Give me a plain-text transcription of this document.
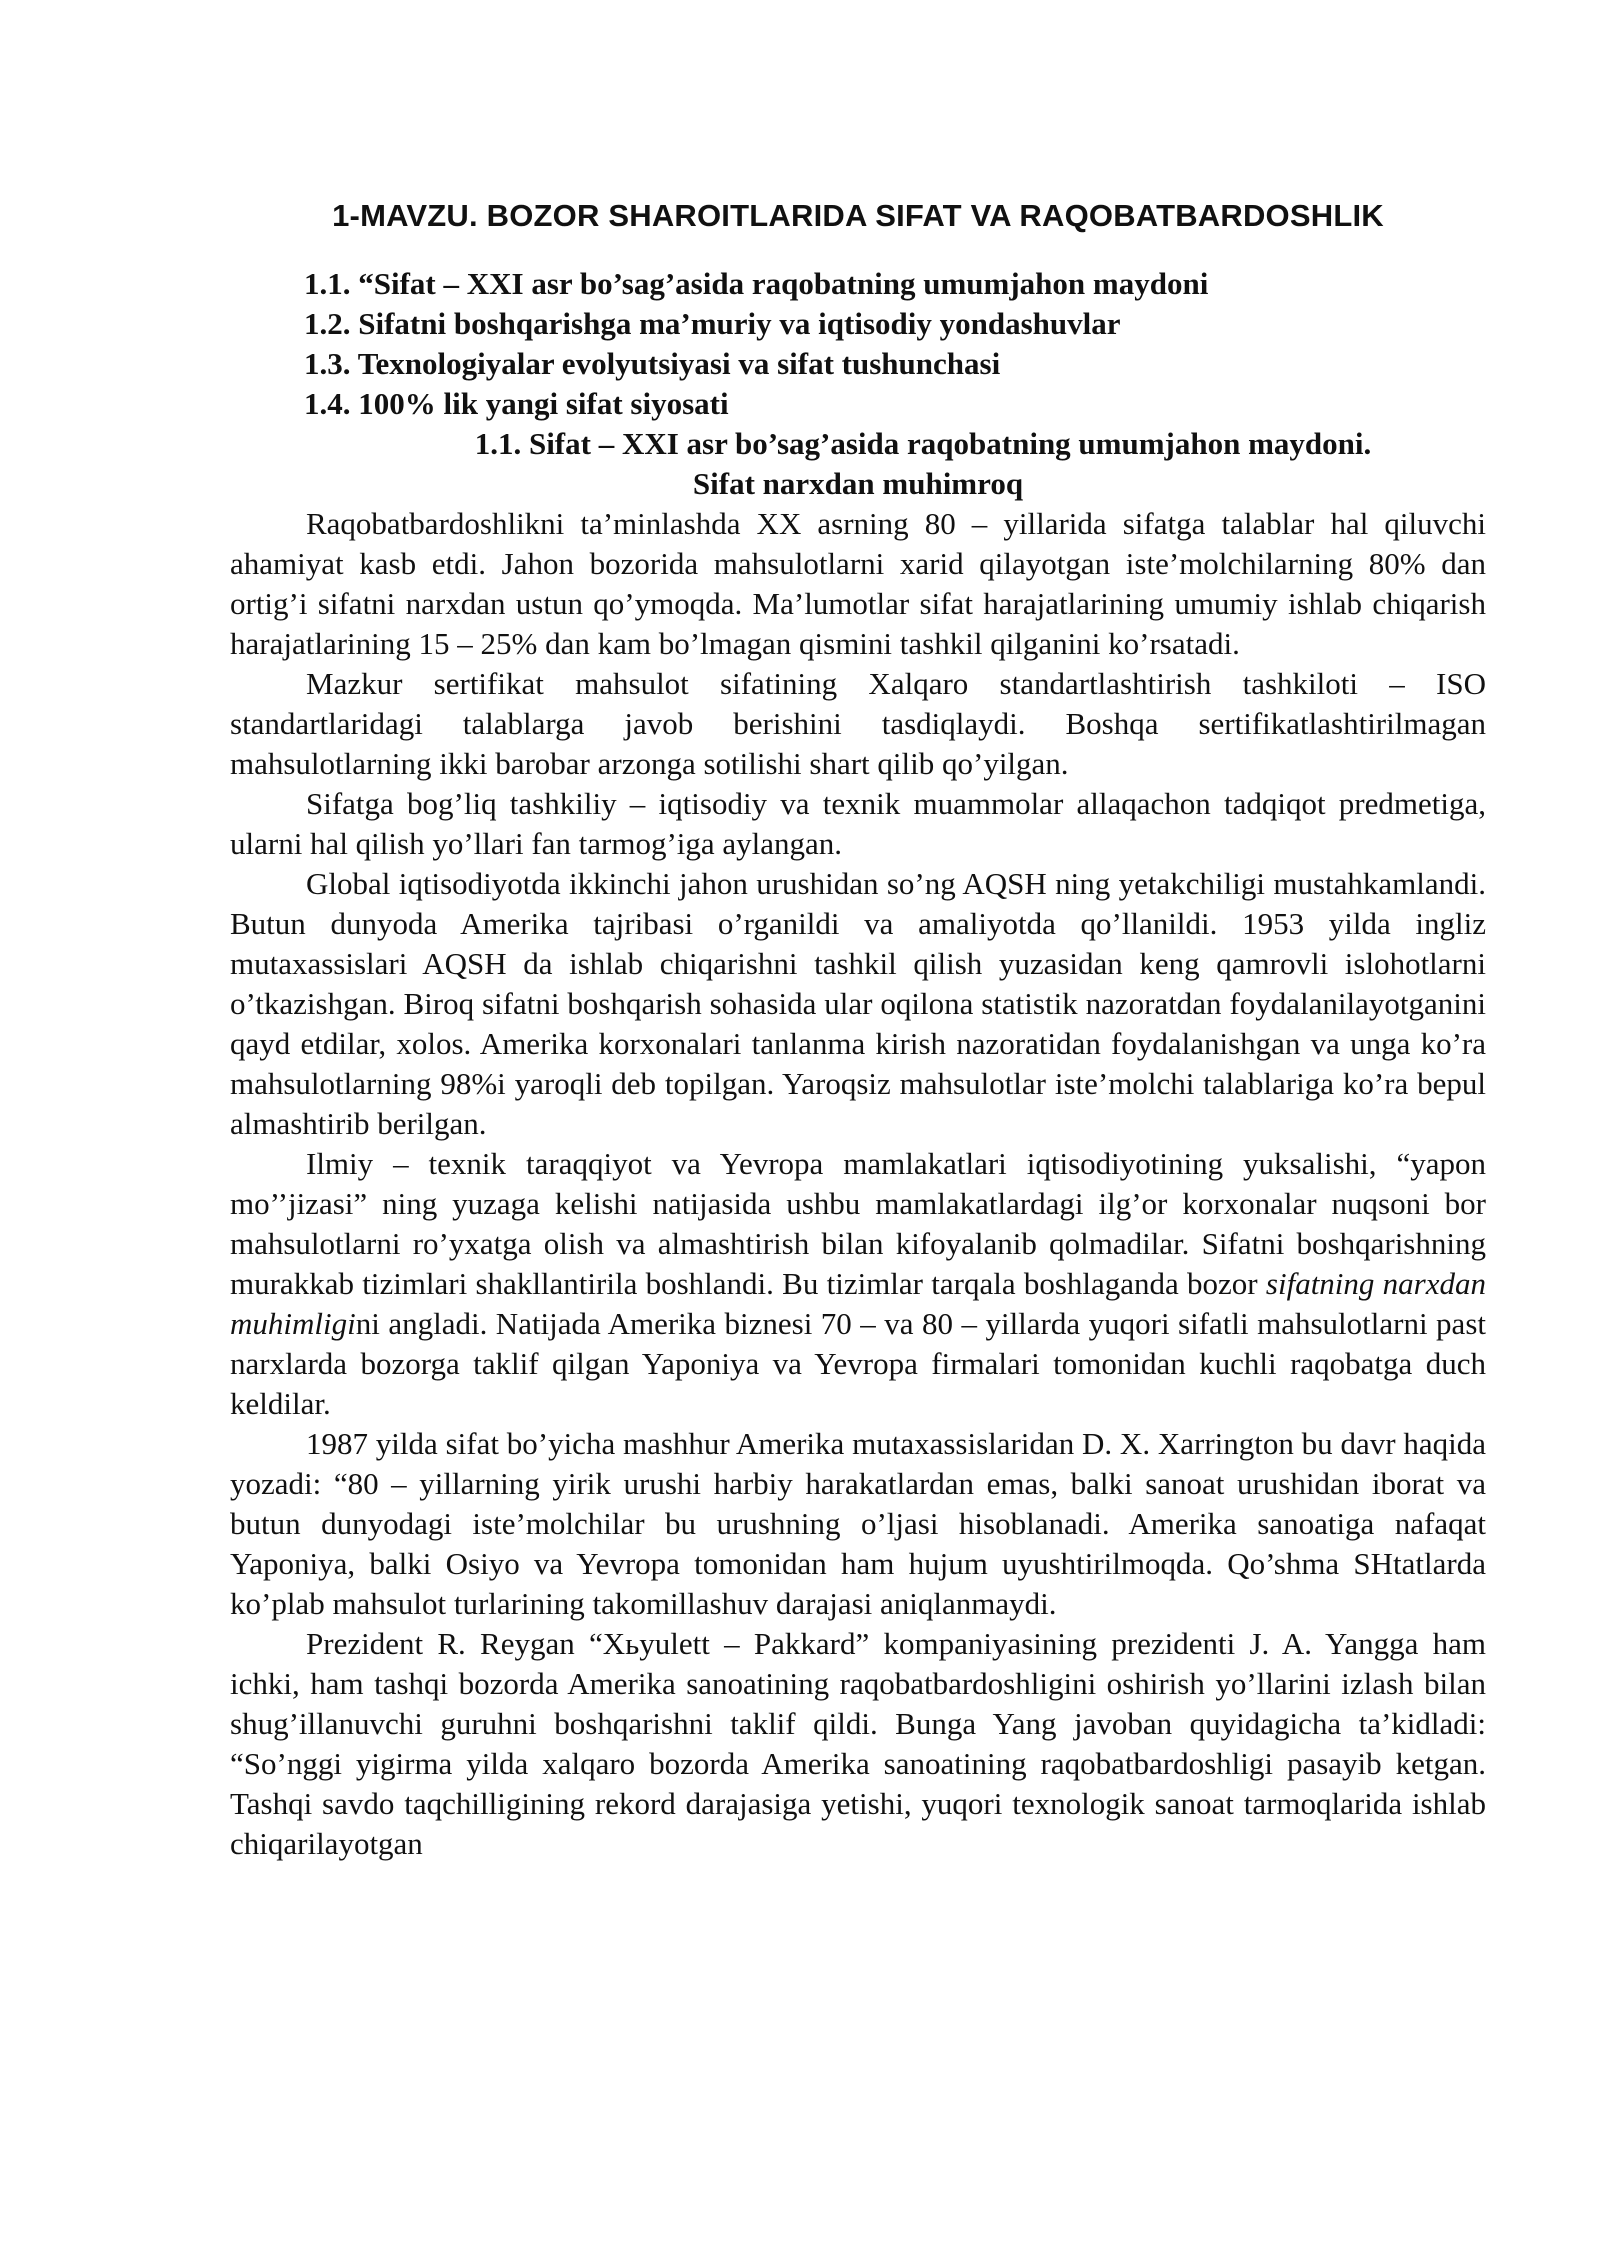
1-MAVZU. BOZOR SHAROITLARIDA SIFAT VA RAQOBATBARDOSHLIK
1.1. “Sifat – XXI asr bo’sag’asida raqobatning umumjahon maydoni
1.2. Sifatni boshqarishga ma’muriy va iqtisodiy yondashuvlar
1.3. Texnologiyalar evolyutsiyasi va sifat tushunchasi
1.4. 100% lik yangi sifat siyosati
1.1. Sifat – XXI asr bo’sag’asida raqobatning umumjahon maydoni.
Sifat narxdan muhimroq

Raqobatbardoshlikni ta’minlashda XX asrning 80 – yillarida sifatga talablar hal qiluvchi ahamiyat kasb etdi. Jahon bozorida mahsulotlarni xarid qilayotgan iste’molchilarning 80% dan ortig’i sifatni narxdan ustun qo’ymoqda. Ma’lumotlar sifat harajatlarining umumiy ishlab chiqarish harajatlarining 15 – 25% dan kam bo’lmagan qismini tashkil qilganini ko’rsatadi.

Mazkur sertifikat mahsulot sifatining Xalqaro standartlashtirish tashkiloti – ISO standartlaridagi talablarga javob berishini tasdiqlaydi. Boshqa sertifikatlashtirilmagan mahsulotlarning ikki barobar arzonga sotilishi shart qilib qo’yilgan.

Sifatga bog’liq tashkiliy – iqtisodiy va texnik muammolar allaqachon tadqiqot predmetiga, ularni hal qilish yo’llari fan tarmog’iga aylangan.

Global iqtisodiyotda ikkinchi jahon urushidan so’ng AQSH ning yetakchiligi mustahkamlandi. Butun dunyoda Amerika tajribasi o’rganildi va amaliyotda qo’llanildi. 1953 yilda ingliz mutaxassislari AQSH da ishlab chiqarishni tashkil qilish yuzasidan keng qamrovli islohotlarni o’tkazishgan. Biroq sifatni boshqarish sohasida ular oqilona statistik nazoratdan foydalanilayotganini qayd etdilar, xolos. Amerika korxonalari tanlanma kirish nazoratidan foydalanishgan va unga ko’ra mahsulotlarning 98%i yaroqli deb topilgan. Yaroqsiz mahsulotlar iste’molchi talablariga ko’ra bepul almashtirib berilgan.

Ilmiy – texnik taraqqiyot va Yevropa mamlakatlari iqtisodiyotining yuksalishi, “yapon mo’’jizasi” ning yuzaga kelishi natijasida ushbu mamlakatlardagi ilg’or korxonalar nuqsoni bor mahsulotlarni ro’yxatga olish va almashtirish bilan kifoyalanib qolmadilar. Sifatni boshqarishning murakkab tizimlari shakllantirila boshlandi. Bu tizimlar tarqala boshlaganda bozor sifatning narxdan muhimligini angladi. Natijada Amerika biznesi 70 – va 80 – yillarda yuqori sifatli mahsulotlarni past narxlarda bozorga taklif qilgan Yaponiya va Yevropa firmalari tomonidan kuchli raqobatga duch keldilar.

1987 yilda sifat bo’yicha mashhur Amerika mutaxassislaridan D. X. Xarrington bu davr haqida yozadi: “80 – yillarning yirik urushi harbiy harakatlardan emas, balki sanoat urushidan iborat va butun dunyodagi iste’molchilar bu urushning o’ljasi hisoblanadi. Amerika sanoatiga nafaqat Yaponiya, balki Osiyo va Yevropa tomonidan ham hujum uyushtirilmoqda. Qo’shma SHtatlarda ko’plab mahsulot turlarining takomillashuv darajasi aniqlanmaydi.

Prezident R. Reygan “Xьyulett – Pakkard” kompaniyasining prezidenti J. A. Yangga ham ichki, ham tashqi bozorda Amerika sanoatining raqobatbardoshligini oshirish yo’llarini izlash bilan shug’illanuvchi guruhni boshqarishni taklif qildi. Bunga Yang javoban quyidagicha ta’kidladi: “So’nggi yigirma yilda xalqaro bozorda Amerika sanoatining raqobatbardoshligi pasayib ketgan. Tashqi savdo taqchilligining rekord darajasiga yetishi, yuqori texnologik sanoat tarmoqlarida ishlab chiqarilayotgan
